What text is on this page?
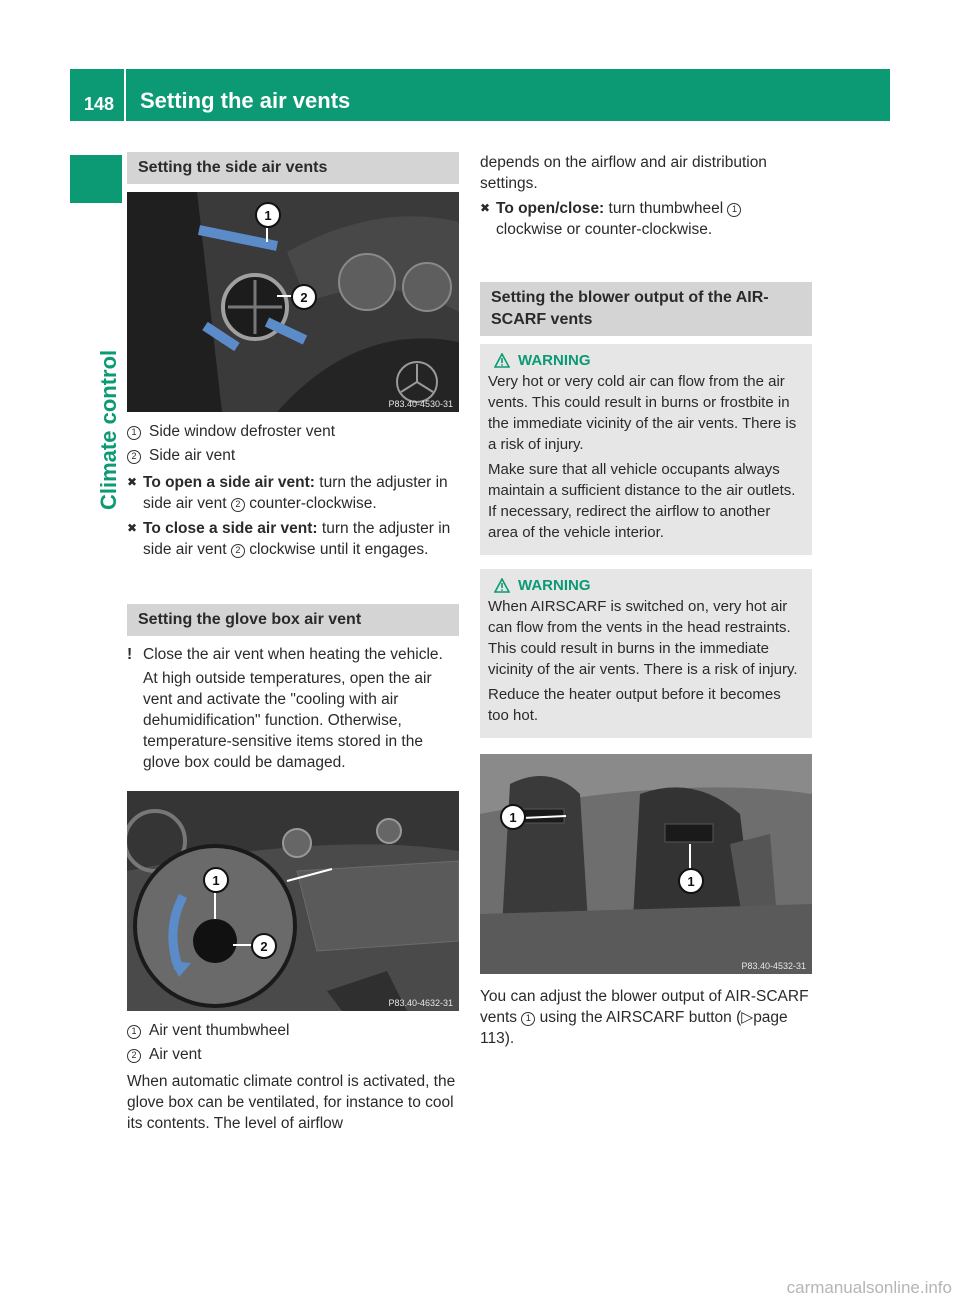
148 Setting the air vents
Climate control
Setting the side air vents
1
2
P83.40-4530-31
1 Side window defroster vent
2 Side air vent
✖ To open a side air vent: turn the adjuster in side air vent 2 counter-clockwise.
✖ To close a side air vent: turn the adjuster in side air vent 2 clockwise until it engages.
Setting the glove box air vent
! Close the air vent when heating the vehicle.

At high outside temperatures, open the air vent and activate the "cooling with air dehumidification" function. Otherwise, temperature-sensitive items stored in the glove box could be damaged.

1
2
P83.40-4632-31
1 Air vent thumbwheel
2 Air vent

When automatic climate control is activated, the glove box can be ventilated, for instance to cool its contents. The level of airflow

depends on the airflow and air distribution settings.

✖ To open/close: turn thumbwheel 1 clockwise or counter-clockwise.
Setting the blower output of the AIR-SCARF vents
WARNING

Very hot or very cold air can flow from the air vents. This could result in burns or frostbite in the immediate vicinity of the air vents. There is a risk of injury.

Make sure that all vehicle occupants always maintain a sufficient distance to the air outlets. If necessary, redirect the airflow to another area of the vehicle interior.

WARNING

When AIRSCARF is switched on, very hot air can flow from the vents in the head restraints. This could result in burns in the immediate vicinity of the air vents. There is a risk of injury.

Reduce the heater output before it becomes too hot.

1
1
P83.40-4532-31

You can adjust the blower output of AIR-SCARF vents 1 using the AIRSCARF button (▷page 113).

carmanualsonline.info
